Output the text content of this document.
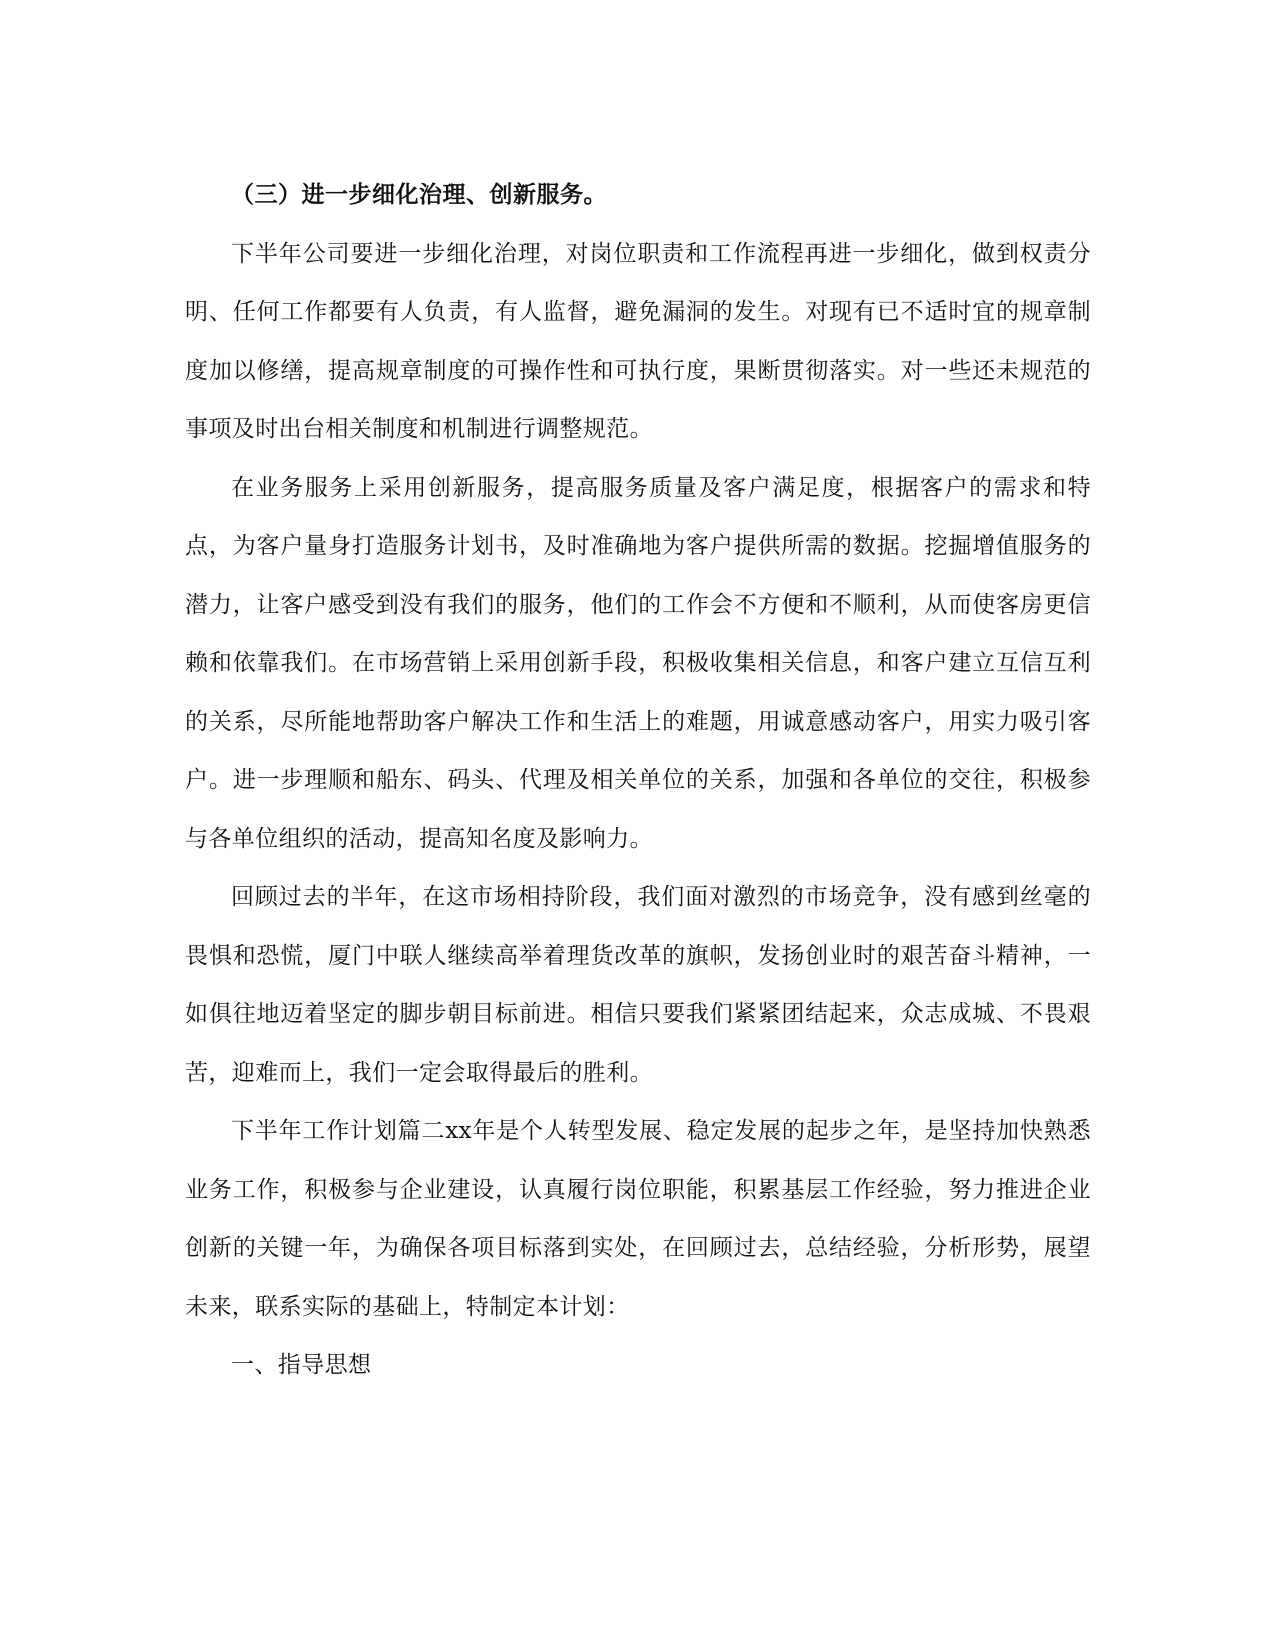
（三）进一步细化治理、创新服务。

下半年公司要进一步细化治理，对岗位职责和工作流程再进一步细化，做到权责分明、任何工作都要有人负责，有人监督，避免漏洞的发生。对现有已不适时宜的规章制度加以修缮，提高规章制度的可操作性和可执行度，果断贯彻落实。对一些还未规范的事项及时出台相关制度和机制进行调整规范。

在业务服务上采用创新服务，提高服务质量及客户满足度，根据客户的需求和特点，为客户量身打造服务计划书，及时准确地为客户提供所需的数据。挖掘增值服务的潜力，让客户感受到没有我们的服务，他们的工作会不方便和不顺利，从而使客房更信赖和依靠我们。在市场营销上采用创新手段，积极收集相关信息，和客户建立互信互利的关系，尽所能地帮助客户解决工作和生活上的难题，用诚意感动客户，用实力吸引客户。进一步理顺和船东、码头、代理及相关单位的关系，加强和各单位的交往，积极参与各单位组织的活动，提高知名度及影响力。

回顾过去的半年，在这市场相持阶段，我们面对激烈的市场竞争，没有感到丝毫的畏惧和恐慌，厦门中联人继续高举着理货改革的旗帜，发扬创业时的艰苦奋斗精神，一如俱往地迈着坚定的脚步朝目标前进。相信只要我们紧紧团结起来，众志成城、不畏艰苦，迎难而上，我们一定会取得最后的胜利。

下半年工作计划篇二xx年是个人转型发展、稳定发展的起步之年，是坚持加快熟悉业务工作，积极参与企业建设，认真履行岗位职能，积累基层工作经验，努力推进企业创新的关键一年，为确保各项目标落到实处，在回顾过去，总结经验，分析形势，展望未来，联系实际的基础上，特制定本计划：

一、指导思想
